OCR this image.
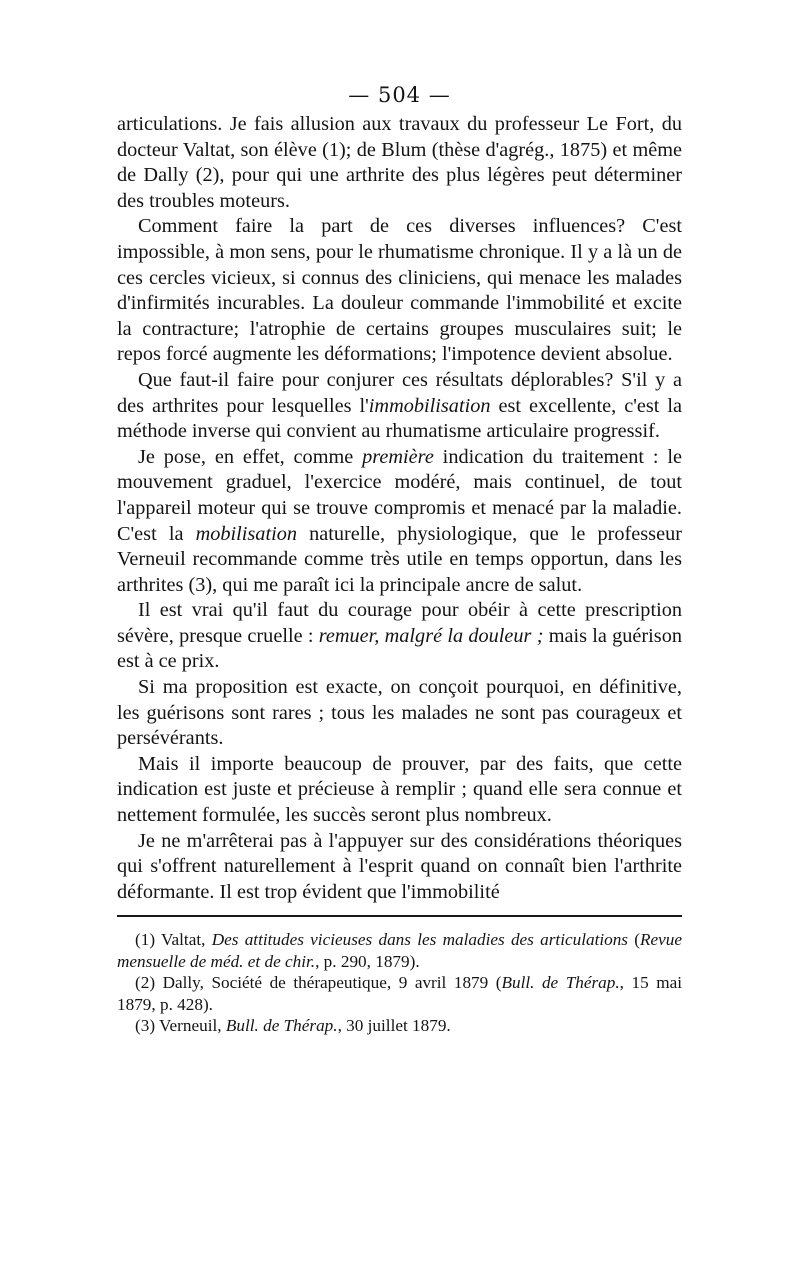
— 504 —

articulations. Je fais allusion aux travaux du professeur Le Fort, du docteur Valtat, son élève (1); de Blum (thèse d'agrég., 1875) et même de Dally (2), pour qui une arthrite des plus légères peut déterminer des troubles moteurs.

Comment faire la part de ces diverses influences? C'est impossible, à mon sens, pour le rhumatisme chronique. Il y a là un de ces cercles vicieux, si connus des cliniciens, qui menace les malades d'infirmités incurables. La douleur commande l'immobilité et excite la contracture; l'atrophie de certains groupes musculaires suit; le repos forcé augmente les déformations; l'impotence devient absolue.

Que faut-il faire pour conjurer ces résultats déplorables? S'il y a des arthrites pour lesquelles l'immobilisation est excellente, c'est la méthode inverse qui convient au rhumatisme articulaire progressif.

Je pose, en effet, comme première indication du traitement : le mouvement graduel, l'exercice modéré, mais continuel, de tout l'appareil moteur qui se trouve compromis et menacé par la maladie. C'est la mobilisation naturelle, physiologique, que le professeur Verneuil recommande comme très utile en temps opportun, dans les arthrites (3), qui me paraît ici la principale ancre de salut.

Il est vrai qu'il faut du courage pour obéir à cette prescription sévère, presque cruelle : remuer, malgré la douleur ; mais la guérison est à ce prix.

Si ma proposition est exacte, on conçoit pourquoi, en définitive, les guérisons sont rares ; tous les malades ne sont pas courageux et persévérants.

Mais il importe beaucoup de prouver, par des faits, que cette indication est juste et précieuse à remplir ; quand elle sera connue et nettement formulée, les succès seront plus nombreux.

Je ne m'arrêterai pas à l'appuyer sur des considérations théoriques qui s'offrent naturellement à l'esprit quand on connaît bien l'arthrite déformante. Il est trop évident que l'immobilité

(1) Valtat, Des attitudes vicieuses dans les maladies des articulations (Revue mensuelle de méd. et de chir., p. 290, 1879).

(2) Dally, Société de thérapeutique, 9 avril 1879 (Bull. de Thérap., 15 mai 1879, p. 428).

(3) Verneuil, Bull. de Thérap., 30 juillet 1879.
